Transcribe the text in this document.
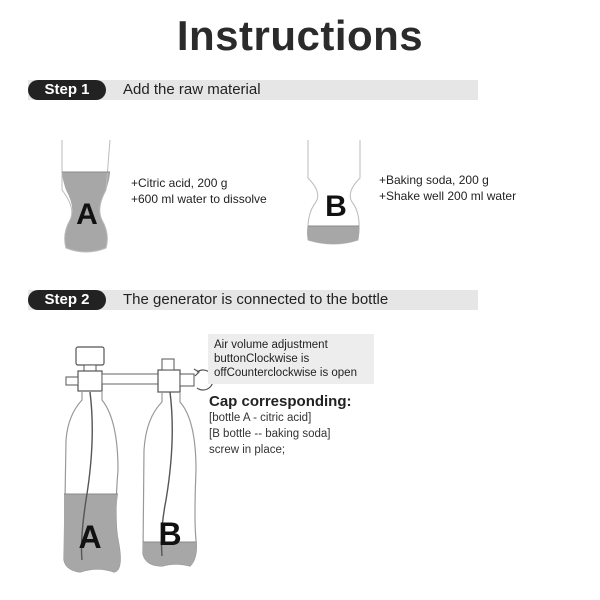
Instructions
Step 1	Add the raw material
A	B
A B
+Citric acid, 200 g
+600 ml water to dissolve
+Baking soda, 200 g
+Shake well 200 ml water
Step 2	The generator is connected to the bottle
Air volume adjustment
buttonClockwise is
offCounterclockwise is open
Cap corresponding:
[bottle A - citric acid]
[B bottle -- baking soda]
screw in place;
